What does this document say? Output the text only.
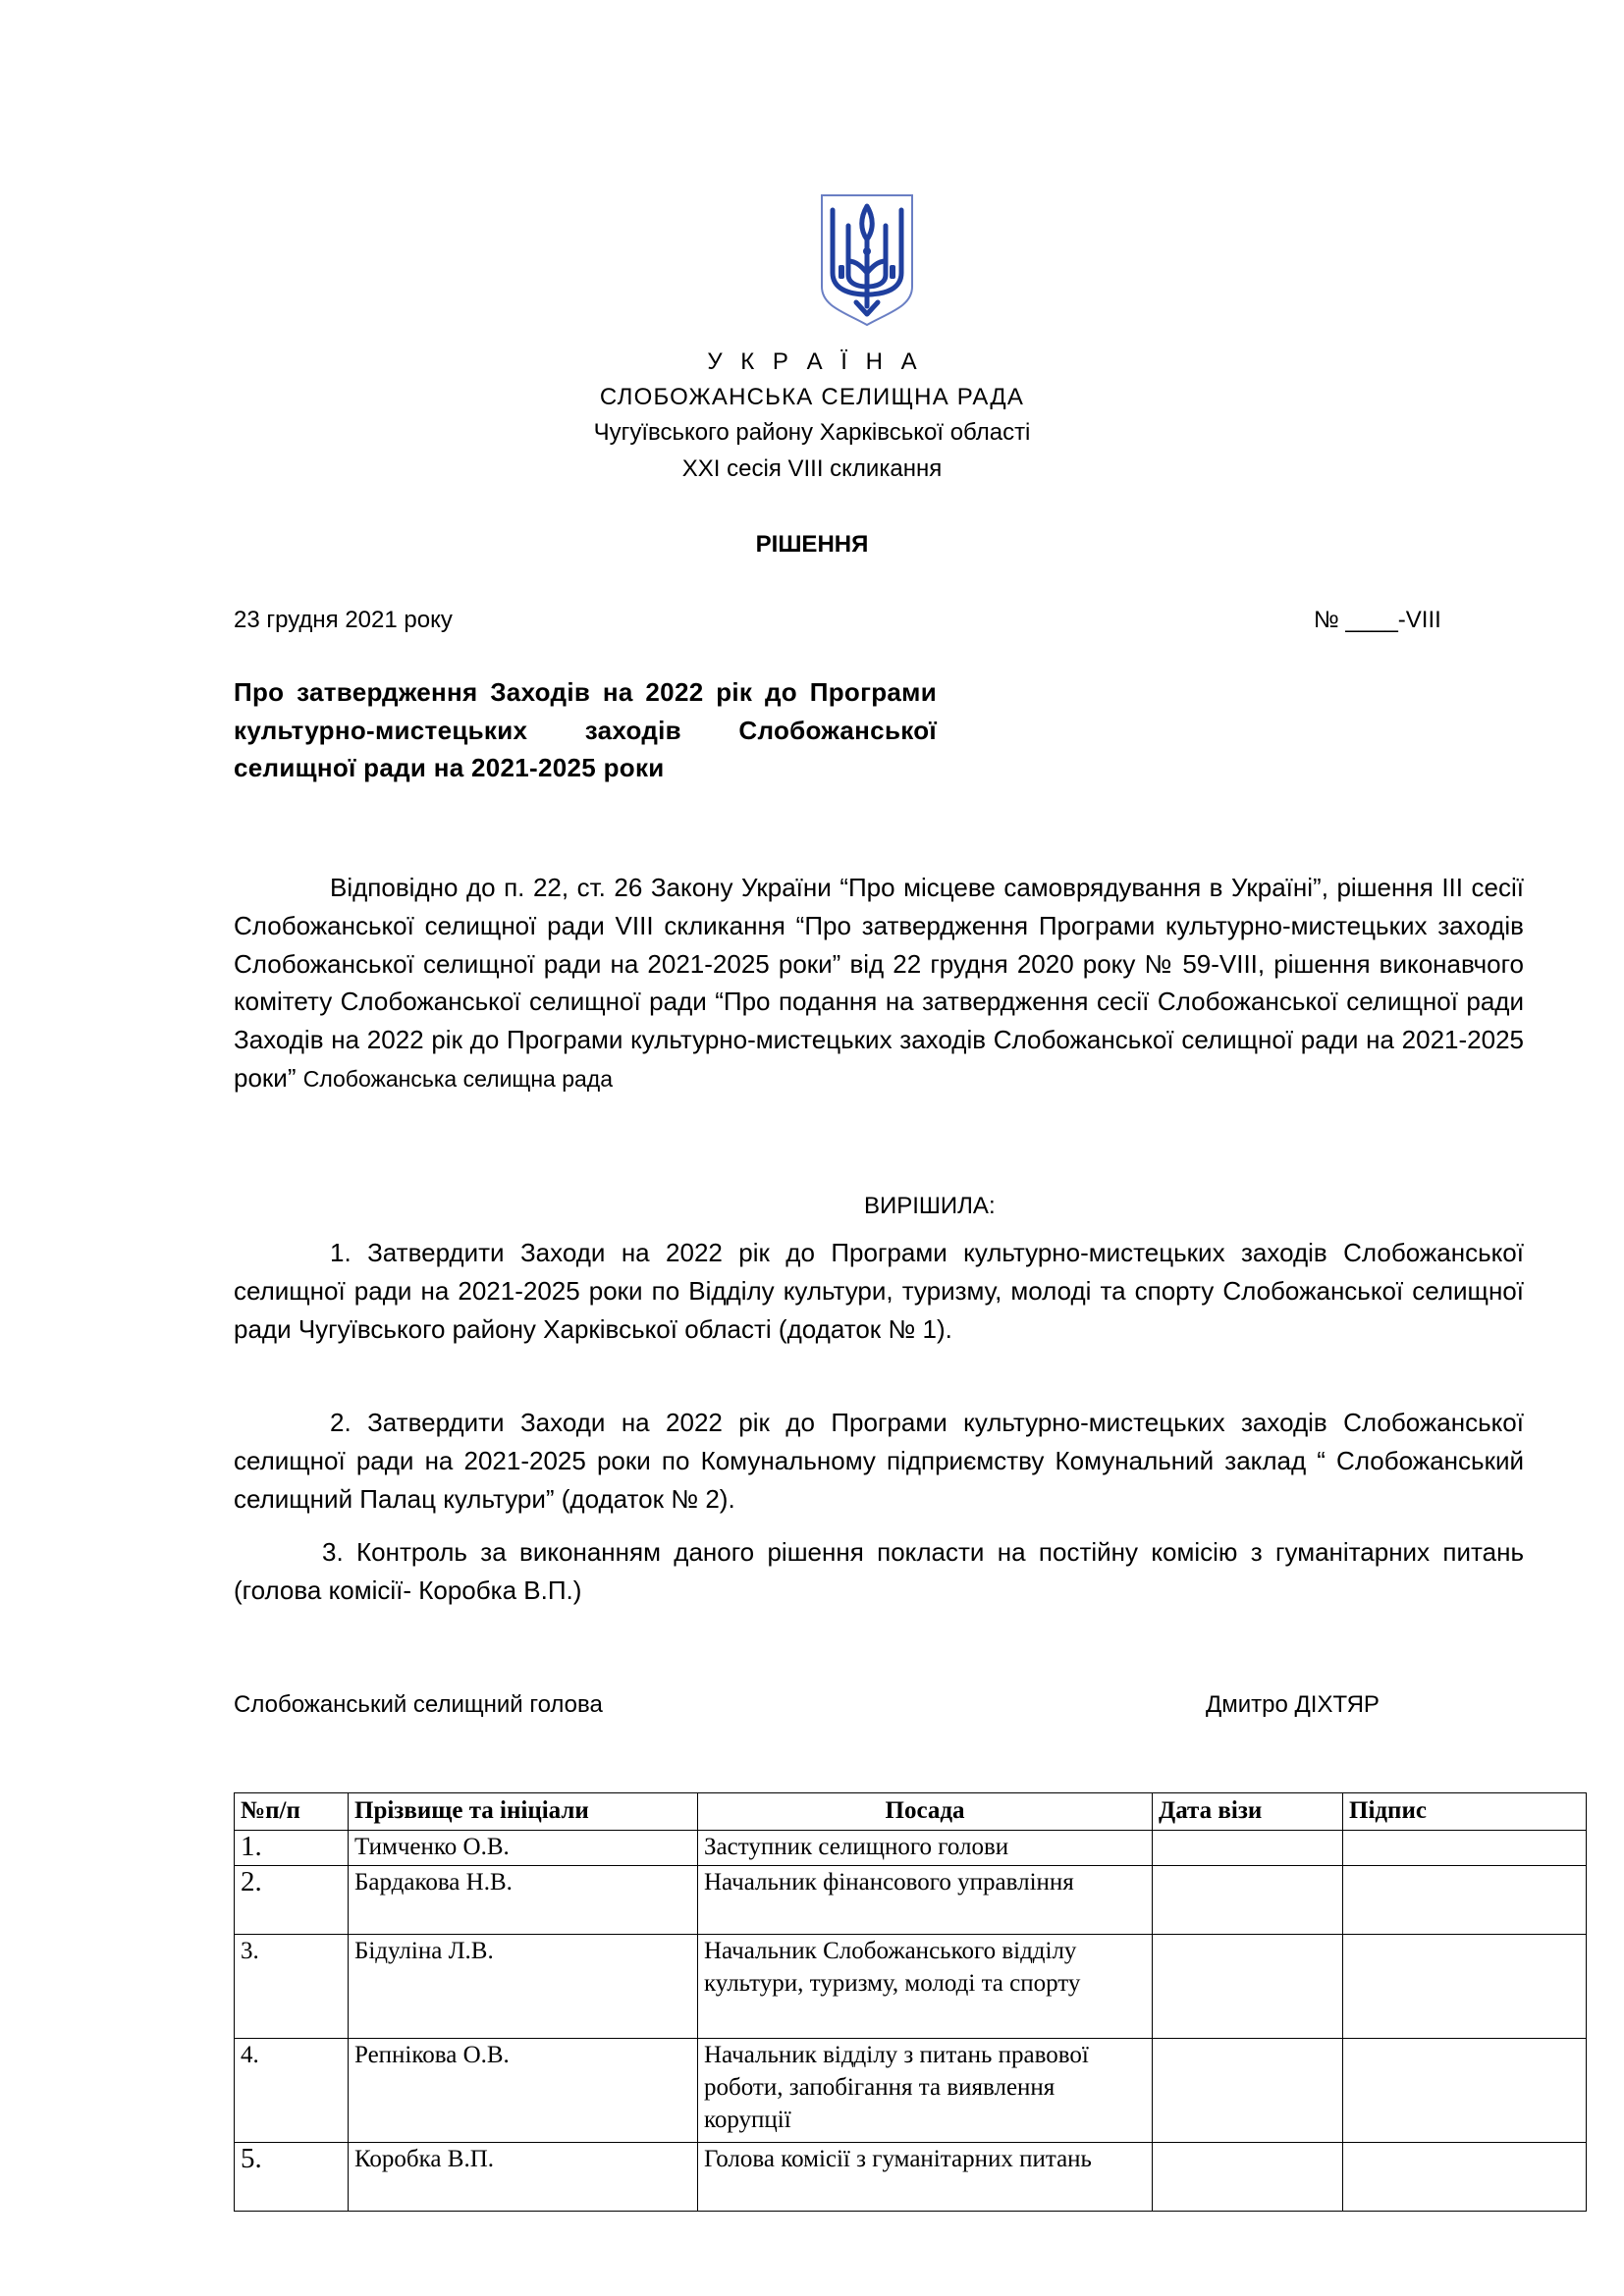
У К Р А Ї Н А
СЛОБОЖАНСЬКА СЕЛИЩНА РАДА
Чугуївського району Харківської області
XXI сесія VIII скликання
РІШЕННЯ
23 грудня 2021 року	№ ____-VIII
Про затвердження Заходів на 2022 рік до Програми культурно-мистецьких заходів Слобожанської селищної ради на 2021-2025 роки
Відповідно до п. 22, ст. 26 Закону України “Про місцеве самоврядування в Україні”, рішення ІІІ сесії Слобожанської селищної ради VIII скликання “Про затвердження Програми культурно-мистецьких заходів Слобожанської селищної ради на 2021-2025 роки” від 22 грудня 2020 року № 59-VIII, рішення виконавчого комітету Слобожанської селищної ради “Про подання на затвердження сесії Слобожанської селищної ради Заходів на 2022 рік до Програми культурно-мистецьких заходів Слобожанської селищної ради на 2021-2025 роки” Слобожанська селищна рада
ВИРІШИЛА:
1. Затвердити Заходи на 2022 рік до Програми культурно-мистецьких заходів Слобожанської селищної ради на 2021-2025 роки по Відділу культури, туризму, молоді та спорту Слобожанської селищної ради Чугуївського району Харківської області (додаток № 1).
2. Затвердити Заходи на 2022 рік до Програми культурно-мистецьких заходів Слобожанської селищної ради на 2021-2025 роки по Комунальному підприємству Комунальний заклад “ Слобожанський селищний Палац культури” (додаток № 2).
3. Контроль за виконанням даного рішення покласти на постійну комісію з гуманітарних питань (голова комісії- Коробка В.П.)
Слобожанський селищний голова	Дмитро ДІХТЯР
№п/п	Прізвище та ініціали	Посада	Дата візи	Підпис
1.	Тимченко О.В.	Заступник селищного голови		
2.	Бардакова Н.В.	Начальник фінансового управління		
3.	Бідуліна Л.В.	Начальник Слобожанського відділу культури, туризму, молоді та спорту		
4.	Репнікова О.В.	Начальник відділу з питань правової роботи, запобігання та виявлення корупції		
5.	Коробка В.П.	Голова комісії з гуманітарних питань		
